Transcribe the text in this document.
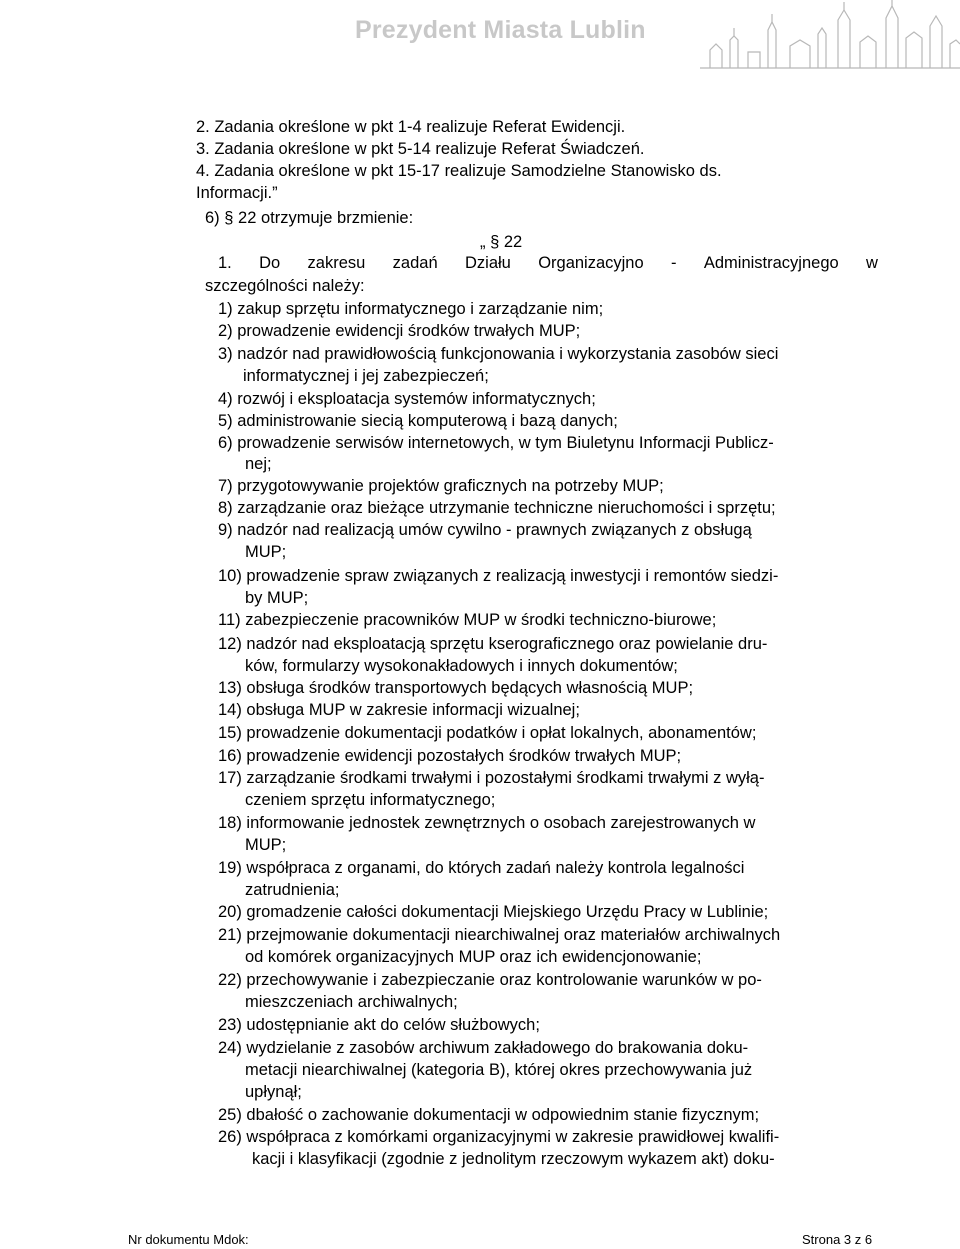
Prezydent Miasta Lublin
2. Zadania określone w pkt 1-4 realizuje Referat Ewidencji.
3. Zadania określone w pkt 5-14 realizuje Referat Świadczeń.
4. Zadania określone w pkt 15-17 realizuje Samodzielne Stanowisko ds.
Informacji.”
6) § 22 otrzymuje brzmienie:
„ § 22
1. Do zakresu zadań Działu Organizacyjno - Administracyjnego w
szczególności należy:
1) zakup sprzętu informatycznego i zarządzanie nim;
2) prowadzenie ewidencji środków trwałych MUP;
3) nadzór nad prawidłowością funkcjonowania i wykorzystania zasobów sieci
informatycznej i jej zabezpieczeń;
4) rozwój i eksploatacja systemów informatycznych;
5) administrowanie siecią komputerową i bazą danych;
6) prowadzenie serwisów internetowych, w tym Biuletynu Informacji Publicz-
nej;
7) przygotowywanie projektów graficznych na potrzeby MUP;
8) zarządzanie oraz bieżące utrzymanie techniczne nieruchomości i sprzętu;
9) nadzór nad realizacją umów cywilno - prawnych związanych z obsługą
MUP;
10) prowadzenie spraw związanych z realizacją inwestycji i remontów siedzi-
by MUP;
11) zabezpieczenie pracowników MUP w środki techniczno-biurowe;
12) nadzór nad eksploatacją sprzętu kserograficznego oraz powielanie dru-
ków, formularzy wysokonakładowych i innych dokumentów;
13) obsługa środków transportowych będących własnością MUP;
14) obsługa MUP w zakresie informacji wizualnej;
15) prowadzenie dokumentacji podatków i opłat lokalnych, abonamentów;
16) prowadzenie ewidencji pozostałych środków trwałych MUP;
17) zarządzanie środkami trwałymi i pozostałymi środkami trwałymi z wyłą-
czeniem sprzętu informatycznego;
18) informowanie jednostek zewnętrznych o osobach zarejestrowanych w
MUP;
19) współpraca z organami, do których zadań należy kontrola legalności
zatrudnienia;
20) gromadzenie całości dokumentacji Miejskiego Urzędu Pracy w Lublinie;
21) przejmowanie dokumentacji niearchiwalnej oraz materiałów archiwalnych
od komórek organizacyjnych MUP oraz ich ewidencjonowanie;
22) przechowywanie i zabezpieczanie oraz kontrolowanie warunków w po-
mieszczeniach archiwalnych;
23) udostępnianie akt do celów służbowych;
24) wydzielanie z zasobów archiwum zakładowego do brakowania doku-
metacji niearchiwalnej (kategoria B), której okres przechowywania już
upłynął;
25) dbałość o zachowanie dokumentacji w odpowiednim stanie fizycznym;
26) współpraca z komórkami organizacyjnymi w zakresie prawidłowej kwalifi-
kacji i klasyfikacji (zgodnie z jednolitym rzeczowym wykazem akt) doku-
Nr dokumentu Mdok:	Strona 3 z 6
